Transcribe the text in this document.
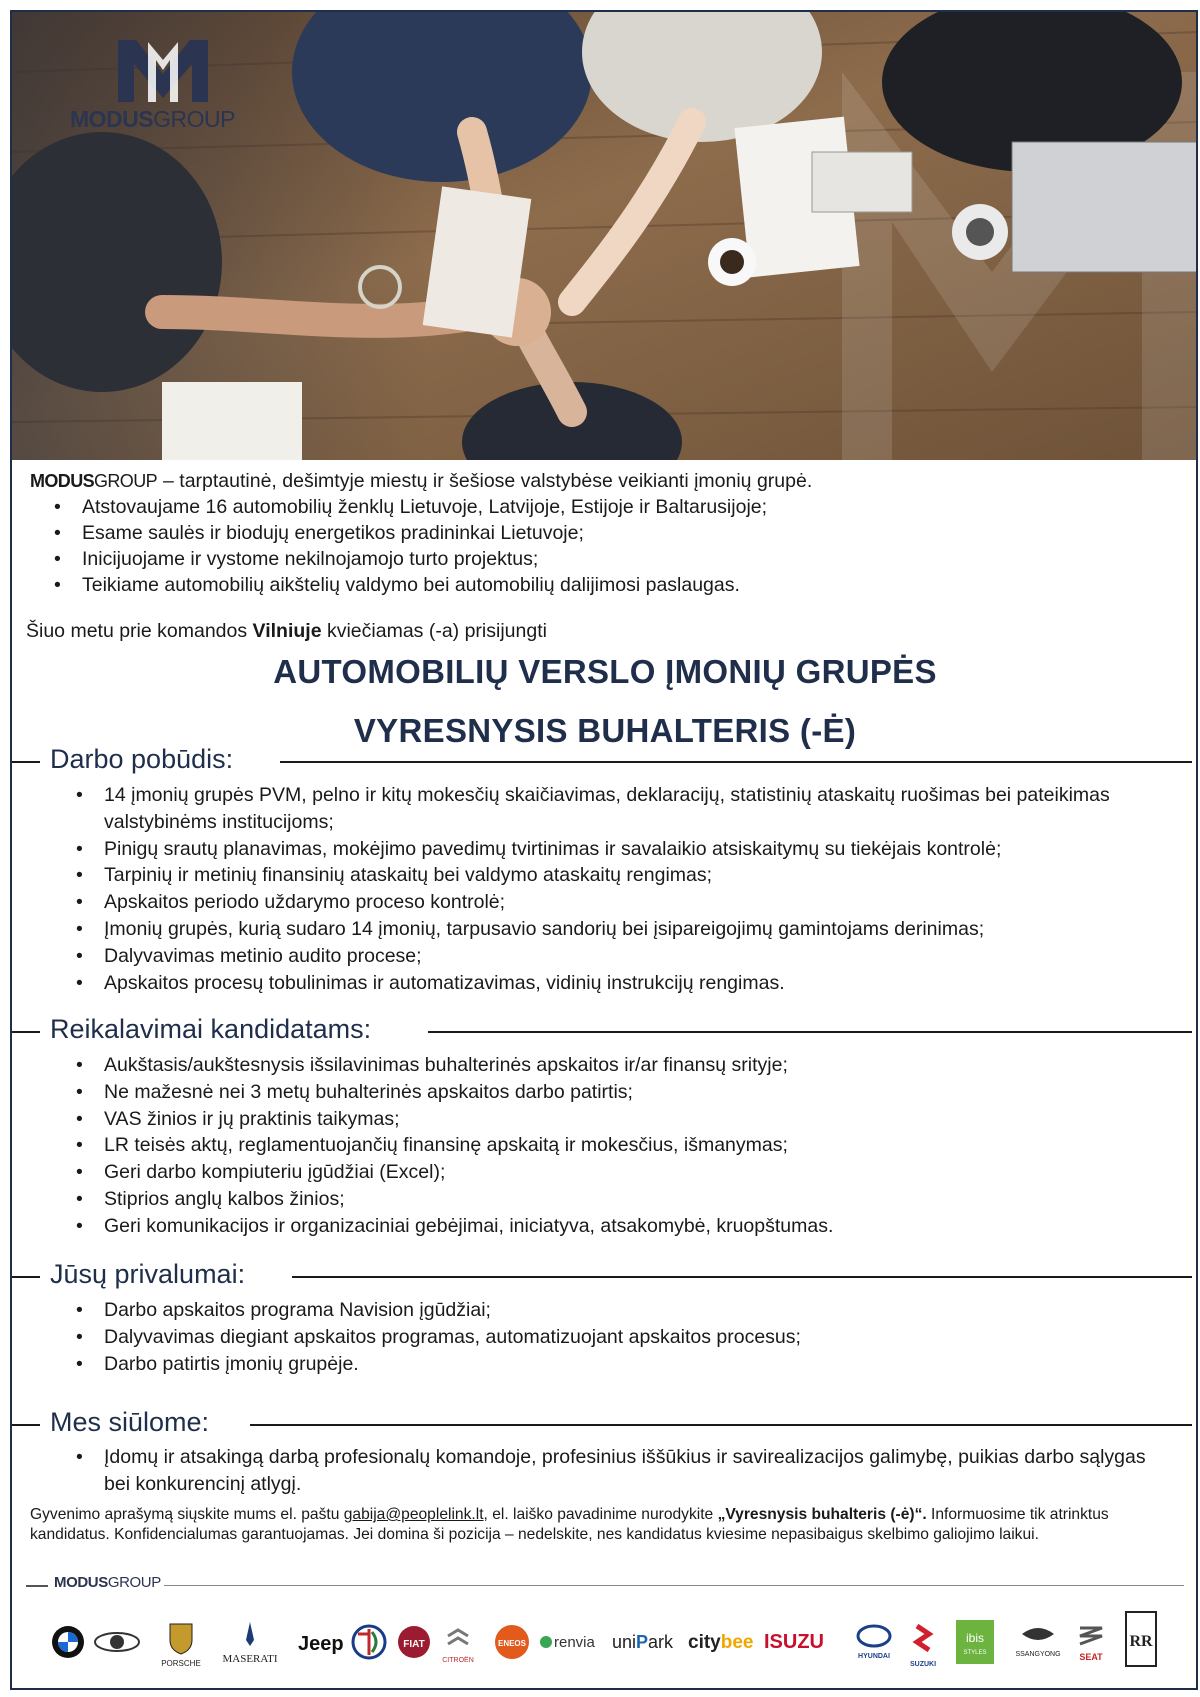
MODUSGROUP
MODUSGROUP – tarptautinė, dešimtyje miestų ir šešiose valstybėse veikianti įmonių grupė.
• Atstovaujame 16 automobilių ženklų Lietuvoje, Latvijoje, Estijoje ir Baltarusijoje;
• Esame saulės ir biodujų energetikos pradininkai Lietuvoje;
• Inicijuojame ir vystome nekilnojamojo turto projektus;
• Teikiame automobilių aikštelių valdymo bei automobilių dalijimosi paslaugas.
Šiuo metu prie komandos Vilniuje kviečiamas (-a) prisijungti
AUTOMOBILIŲ VERSLO ĮMONIŲ GRUPĖS
VYRESNYSIS BUHALTERIS (-Ė)
Darbo pobūdis:
• 14 įmonių grupės PVM, pelno ir kitų mokesčių skaičiavimas, deklaracijų, statistinių ataskaitų ruošimas bei pateikimas valstybinėms institucijoms;
• Pinigų srautų planavimas, mokėjimo pavedimų tvirtinimas ir savalaikio atsiskaitymų su tiekėjais kontrolė;
• Tarpinių ir metinių finansinių ataskaitų bei valdymo ataskaitų rengimas;
• Apskaitos periodo uždarymo proceso kontrolė;
• Įmonių grupės, kurią sudaro 14 įmonių, tarpusavio sandorių bei įsipareigojimų gamintojams derinimas;
• Dalyvavimas metinio audito procese;
• Apskaitos procesų tobulinimas ir automatizavimas, vidinių instrukcijų rengimas.
Reikalavimai kandidatams:
• Aukštasis/aukštesnysis išsilavinimas buhalterinės apskaitos ir/ar finansų srityje;
• Ne mažesnė nei 3 metų buhalterinės apskaitos darbo patirtis;
• VAS žinios ir jų praktinis taikymas;
• LR teisės aktų, reglamentuojančių finansinę apskaitą ir mokesčius, išmanymas;
• Geri darbo kompiuteriu įgūdžiai (Excel);
• Stiprios anglų kalbos žinios;
• Geri komunikacijos ir organizaciniai gebėjimai, iniciatyva, atsakomybė, kruopštumas.
Jūsų privalumai:
• Darbo apskaitos programa Navision įgūdžiai;
• Dalyvavimas diegiant apskaitos programas, automatizuojant apskaitos procesus;
• Darbo patirtis įmonių grupėje.
Mes siūlome:
• Įdomų ir atsakingą darbą profesionalų komandoje, profesinius iššūkius ir savirealizacijos galimybę, puikias darbo sąlygas bei konkurencinį atlygį.
Gyvenimo aprašymą siųskite mums el. paštu gabija@peoplelink.lt, el. laiško pavadinime nurodykite „Vyresnysis buhalteris (-ė)“. Informuosime tik atrinktus kandidatus. Konfidencialumas garantuojamas. Jei domina ši pozicija – nedelskite, nes kandidatus kviesime nepasibaigus skelbimo galiojimo laikui.
MODUSGROUP
PORSCHE MASERATI
Jeep	FIAT
CITROËN
ENEOS renvia uniPark citybee ISUZU
HYUNDAI
SUZUKI
ibis
STYLES	SSANGYONG SEAT
RR
